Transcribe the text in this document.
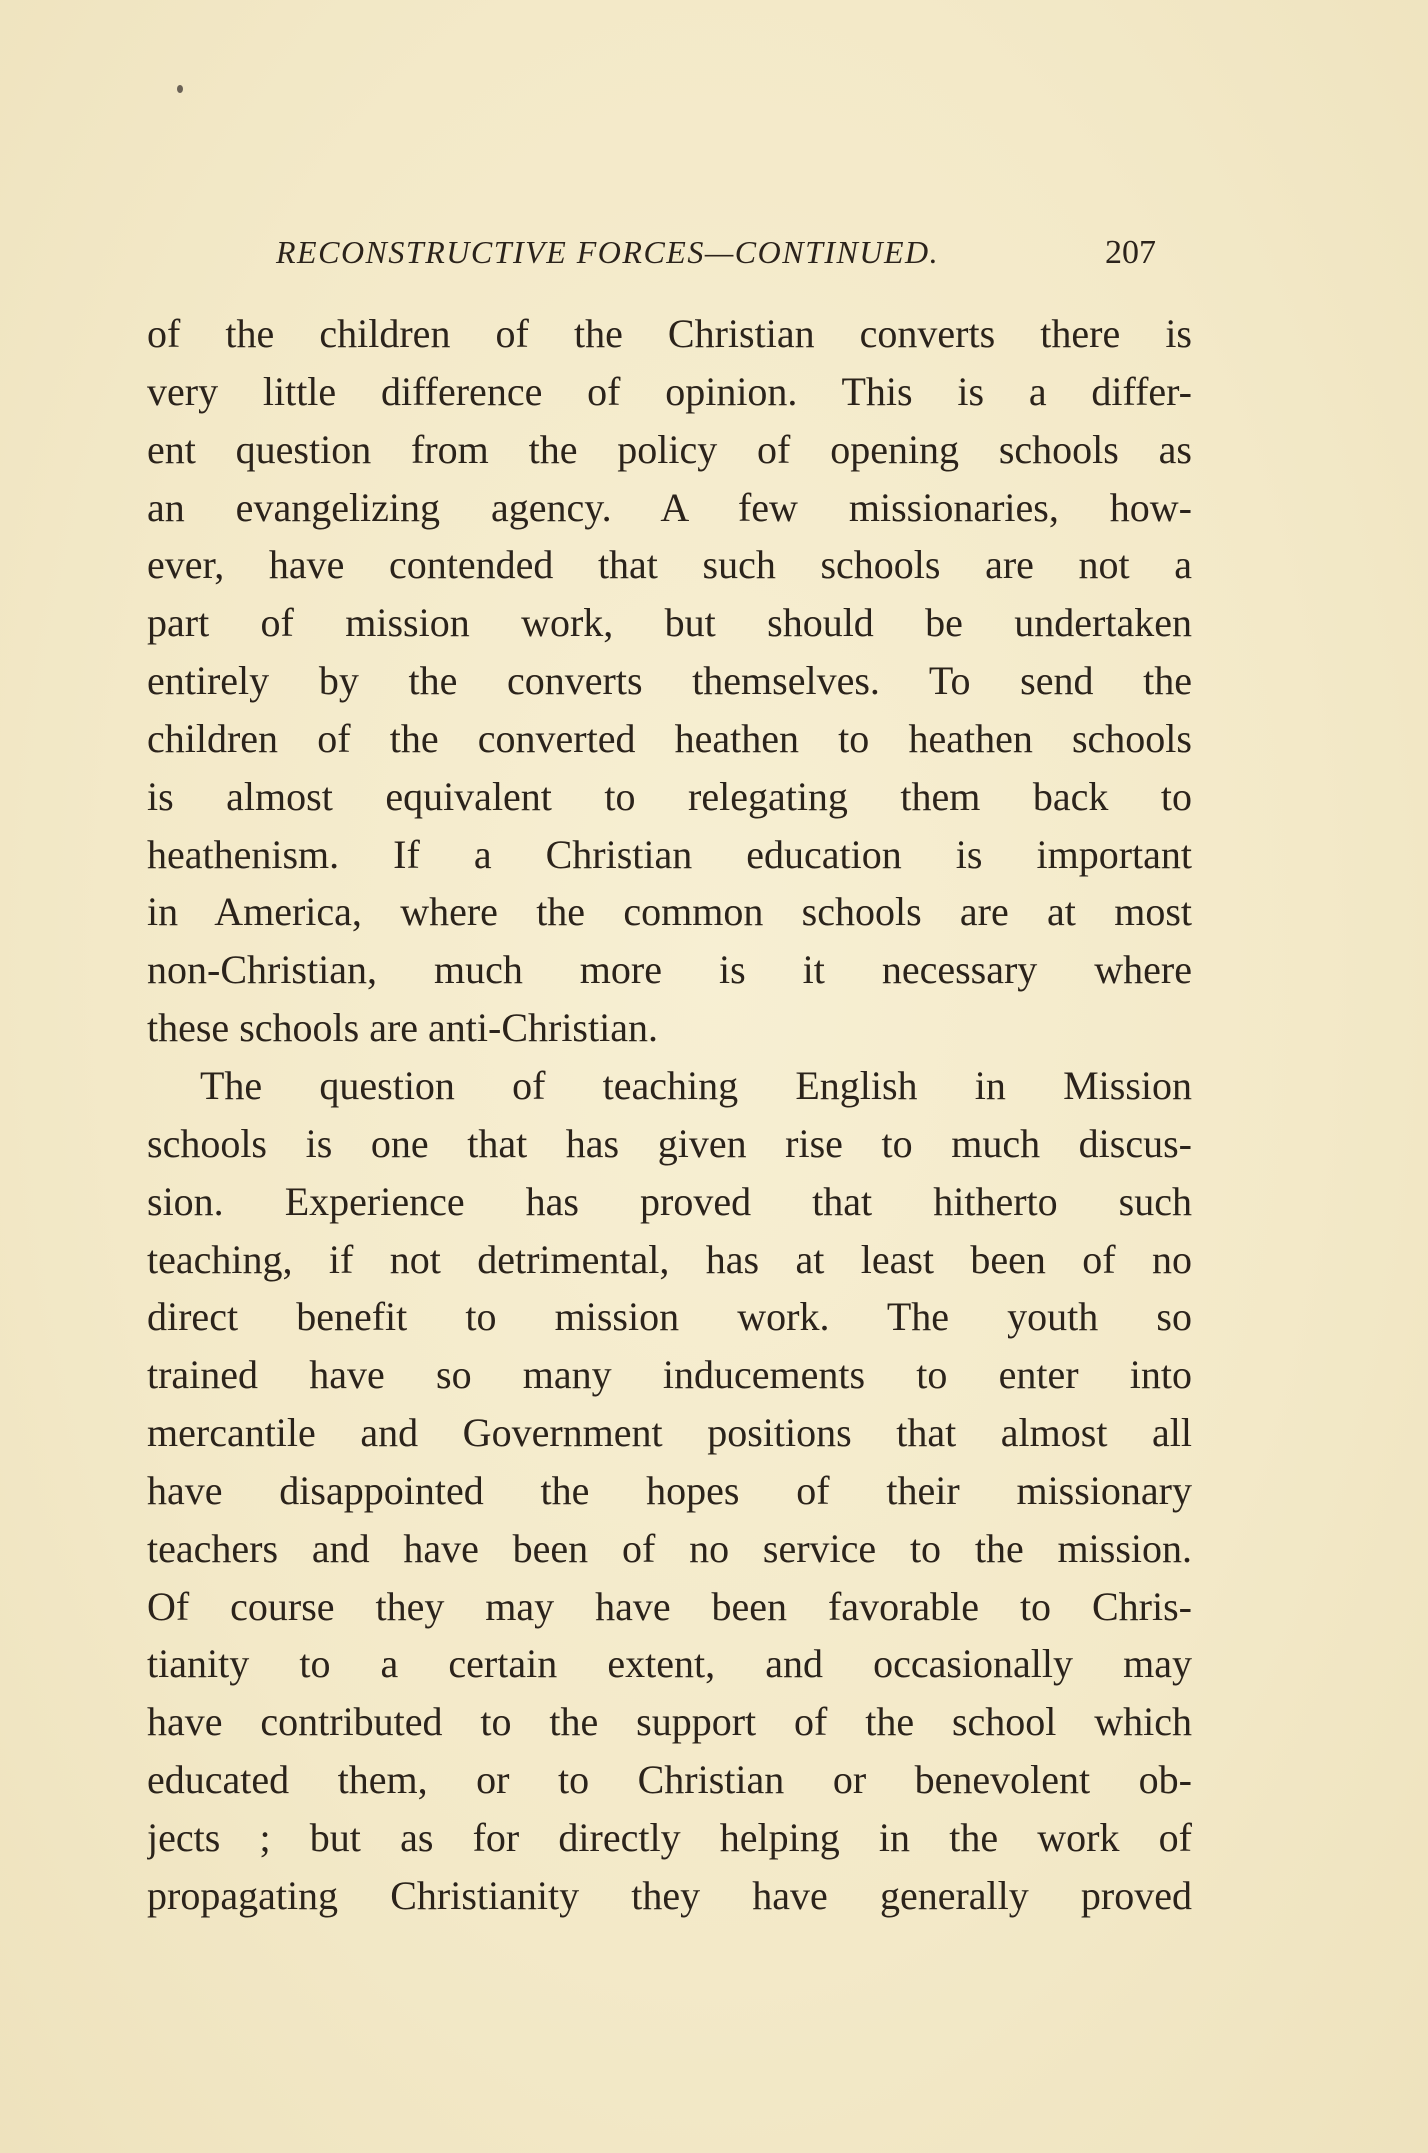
RECONSTRUCTIVE FORCES—CONTINUED.	207
of the children of the Christian converts there is
very little difference of opinion. This is a differ-
ent question from the policy of opening schools as
an evangelizing agency. A few missionaries, how-
ever, have contended that such schools are not a
part of mission work, but should be undertaken
entirely by the converts themselves. To send the
children of the converted heathen to heathen schools
is almost equivalent to relegating them back to
heathenism. If a Christian education is important
in America, where the common schools are at most
non-Christian, much more is it necessary where
these schools are anti-Christian.
The question of teaching English in Mission
schools is one that has given rise to much discus-
sion. Experience has proved that hitherto such
teaching, if not detrimental, has at least been of no
direct benefit to mission work. The youth so
trained have so many inducements to enter into
mercantile and Government positions that almost all
have disappointed the hopes of their missionary
teachers and have been of no service to the mission.
Of course they may have been favorable to Chris-
tianity to a certain extent, and occasionally may
have contributed to the support of the school which
educated them, or to Christian or benevolent ob-
jects ; but as for directly helping in the work of
propagating Christianity they have generally proved
